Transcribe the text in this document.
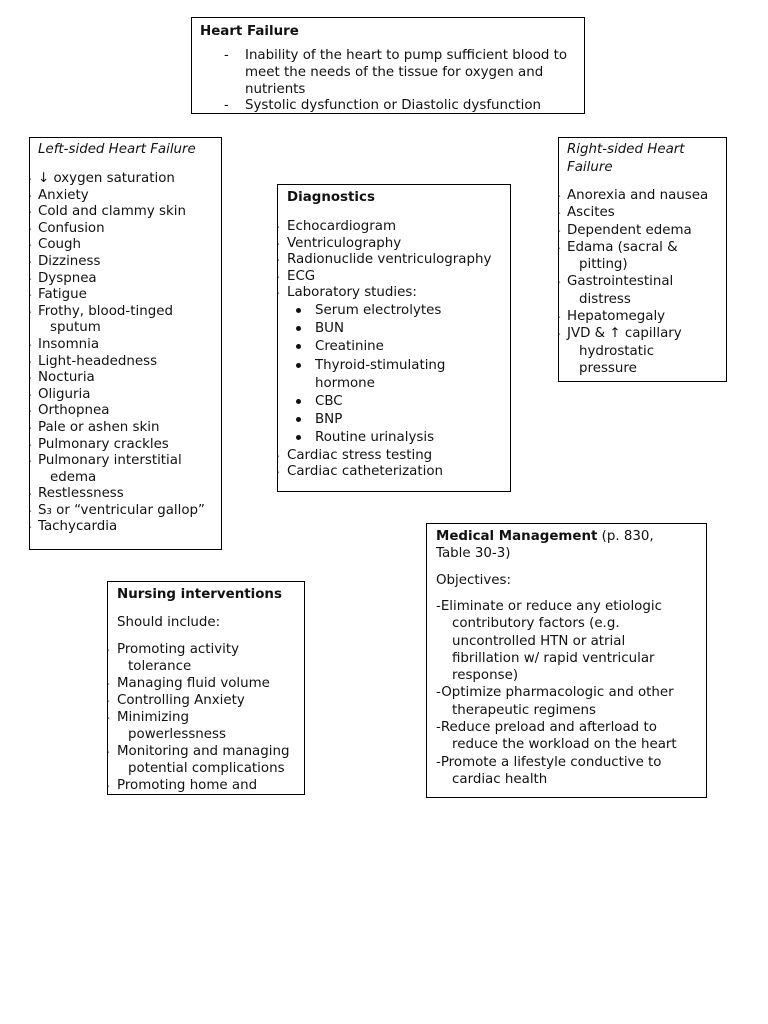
Heart Failure

- Inability of the heart to pump sufficient blood to meet the needs of the tissue for oxygen and nutrients
- Systolic dysfunction or Diastolic dysfunction

Left-sided Heart Failure

- ↓ oxygen saturation
- Anxiety
- Cold and clammy skin
- Confusion
- Cough
- Dizziness
- Dyspnea
- Fatigue
- Frothy, blood-tinged
sputum
- Insomnia
- Light-headedness
- Nocturia
- Oliguria
- Orthopnea
- Pale or ashen skin
- Pulmonary crackles
- Pulmonary interstitial
edema
- Restlessness
- S₃ or “ventricular gallop”
- Tachycardia

Diagnostics

- Echocardiogram
- Ventriculography
- Radionuclide ventriculography
- ECG
- Laboratory studies:
Serum electrolytes
BUN
Creatinine
Thyroid-stimulating
hormone
CBC
BNP
Routine urinalysis
- Cardiac stress testing
- Cardiac catheterization

Right-sided Heart
Failure

- Anorexia and nausea
- Ascites
- Dependent edema
- Edama (sacral &
pitting)
- Gastrointestinal
distress
- Hepatomegaly
- JVD & ↑ capillary
hydrostatic
pressure

Medical Management (p. 830,
Table 30-3)

Objectives:

-Eliminate or reduce any etiologic
contributory factors (e.g.
uncontrolled HTN or atrial
fibrillation w/ rapid ventricular
response)
-Optimize pharmacologic and other
therapeutic regimens
-Reduce preload and afterload to
reduce the workload on the heart
-Promote a lifestyle conductive to
cardiac health

Nursing interventions

Should include:

- Promoting activity
tolerance
- Managing fluid volume
- Controlling Anxiety
- Minimizing
powerlessness
- Monitoring and managing
potential complications
- Promoting home and
